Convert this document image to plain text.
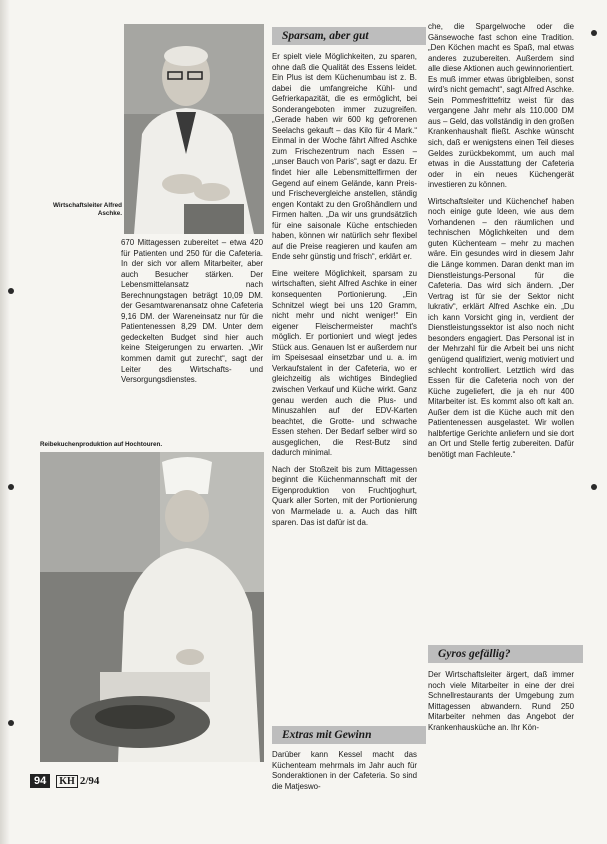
Wirtschaftsleiter Alfred Aschke.

670 Mittagessen zubereitet – etwa 420 für Patienten und 250 für die Cafeteria. In der sich vor allem Mitarbeiter, aber auch Besucher stärken. Der Lebensmittelansatz nach Berechnungstagen beträgt 10,09 DM. der Gesamtwarenansatz ohne Cafeteria 9,16 DM. der Wareneinsatz nur für die Patientenessen 8,29 DM. Unter dem gedeckelten Budget sind hier auch keine Steigerungen zu erwarten. „Wir kommen damit gut zurecht“, sagt der Leiter des Wirtschafts- und Versorgungsdienstes.

Reibekuchenproduktion auf Hochtouren.
Sparsam, aber gut

Er spielt viele Möglichkeiten, zu sparen, ohne daß die Qualität des Essens leidet. Ein Plus ist dem Küchenumbau ist z. B. dabei die umfangreiche Kühl- und Gefrierkapazität, die es ermöglicht, bei Sonderangeboten immer zuzugreifen. „Gerade haben wir 600 kg gefrorenen Seelachs gekauft – das Kilo für 4 Mark.“ Einmal in der Woche fährt Alfred Aschke zum Frischezentrum nach Essen – „unser Bauch von Paris“, sagt er dazu. Er findet hier alle Lebensmittelfirmen der Gegend auf einem Gelände, kann Preis- und Frischevergleiche anstellen, ständig engen Kontakt zu den Großhändlern und Firmen halten. „Da wir uns grundsätzlich für eine saisonale Küche entschieden haben, können wir natürlich sehr flexibel auf die Preise reagieren und kaufen am Ende sehr günstig und frisch“, erklärt er.

Eine weitere Möglichkeit, sparsam zu wirtschaften, sieht Alfred Aschke in einer konsequenten Portionierung. „Ein Schnitzel wiegt bei uns 120 Gramm, nicht mehr und nicht weniger!“ Ein eigener Fleischermeister macht's möglich. Er portioniert und wiegt jedes Stück aus. Genauen Ist er außerdem nur im Speisesaal einsetzbar und u. a. im Verkaufstalent in der Cafeteria, wo er gleichzeitig als wichtiges Bindeglied zwischen Verkauf und Küche wirkt. Ganz genau werden auch die Plus- und Minuszahlen auf der EDV-Karten beachtet, die Grotte- und schwache Essen stehen. Der Bedarf selber wird so ausgeglichen, die Rest-Butz sind dadurch minimal.

Nach der Stoßzeit bis zum Mittagessen beginnt die Küchenmannschaft mit der Eigenproduktion von Fruchtjoghurt, Quark aller Sorten, mit der Portionierung von Marmelade u. a. Auch das hilft sparen. Das ist dafür ist da.

Extras mit Gewinn

Darüber kann Kessel macht das Küchenteam mehrmals im Jahr auch für Sonderaktionen in der Cafeteria. So sind die Matjeswo-

che, die Spargelwoche oder die Gänsewoche fast schon eine Tradition. „Den Köchen macht es Spaß, mal etwas anderes zuzubereiten. Außerdem sind alle diese Aktionen auch gewinnorientiert. Es muß immer etwas übrigbleiben, sonst wird's nicht gemacht“, sagt Alfred Aschke. Sein Pommesfrittefritz weist für das vergangene Jahr mehr als 110.000 DM aus – Geld, das vollständig in den großen Krankenhaushalt fließt. Aschke wünscht sich, daß er wenigstens einen Teil dieses Geldes zurückbekommt, um auch mal etwas in die Ausstattung der Cafeteria oder in ein neues Küchengerät investieren zu können.

Wirtschaftsleiter und Küchenchef haben noch einige gute Ideen, wie aus dem Vorhandenen – den räumlichen und technischen Möglichkeiten und dem guten Küchenteam – mehr zu machen wäre. Ein gesundes wird in diesem Jahr die Länge kommen. Daran denkt man im Dienstleistungs-Personal für die Cafeteria. Das wird sich ändern. „Der Vertrag ist für sie der Sektor nicht lukrativ“, erklärt Alfred Aschke ein. „Du ich kann Vorsicht ging in, verdient der Dienstleistungssektor ist also noch nicht besonders engagiert. Das Personal ist in der Mehrzahl für die Arbeit bei uns nicht genügend qualifiziert, wenig motiviert und schlecht kontrolliert. Letztlich wird das Essen für die Cafeteria noch von der Küche zugeliefert, die ja eh nur 400 Mitarbeiter ist. Es kommt also oft kalt an. Außer dem ist die Küche auch mit den Patientenessen ausgelastet. Wir wollen halbfertige Gerichte anliefern und sie dort an Ort und Stelle fertig zubereiten. Dafür benötigt man Fachleute.“

Gyros gefällig?

Der Wirtschaftsleiter ärgert, daß immer noch viele Mitarbeiter in eine der drei Schnellrestaurants der Umgebung zum Mittagessen abwandern. Rund 250 Mitarbeiter nehmen das Angebot der Krankenhausküche an. Ihr Kön-

94	KH 2/94
